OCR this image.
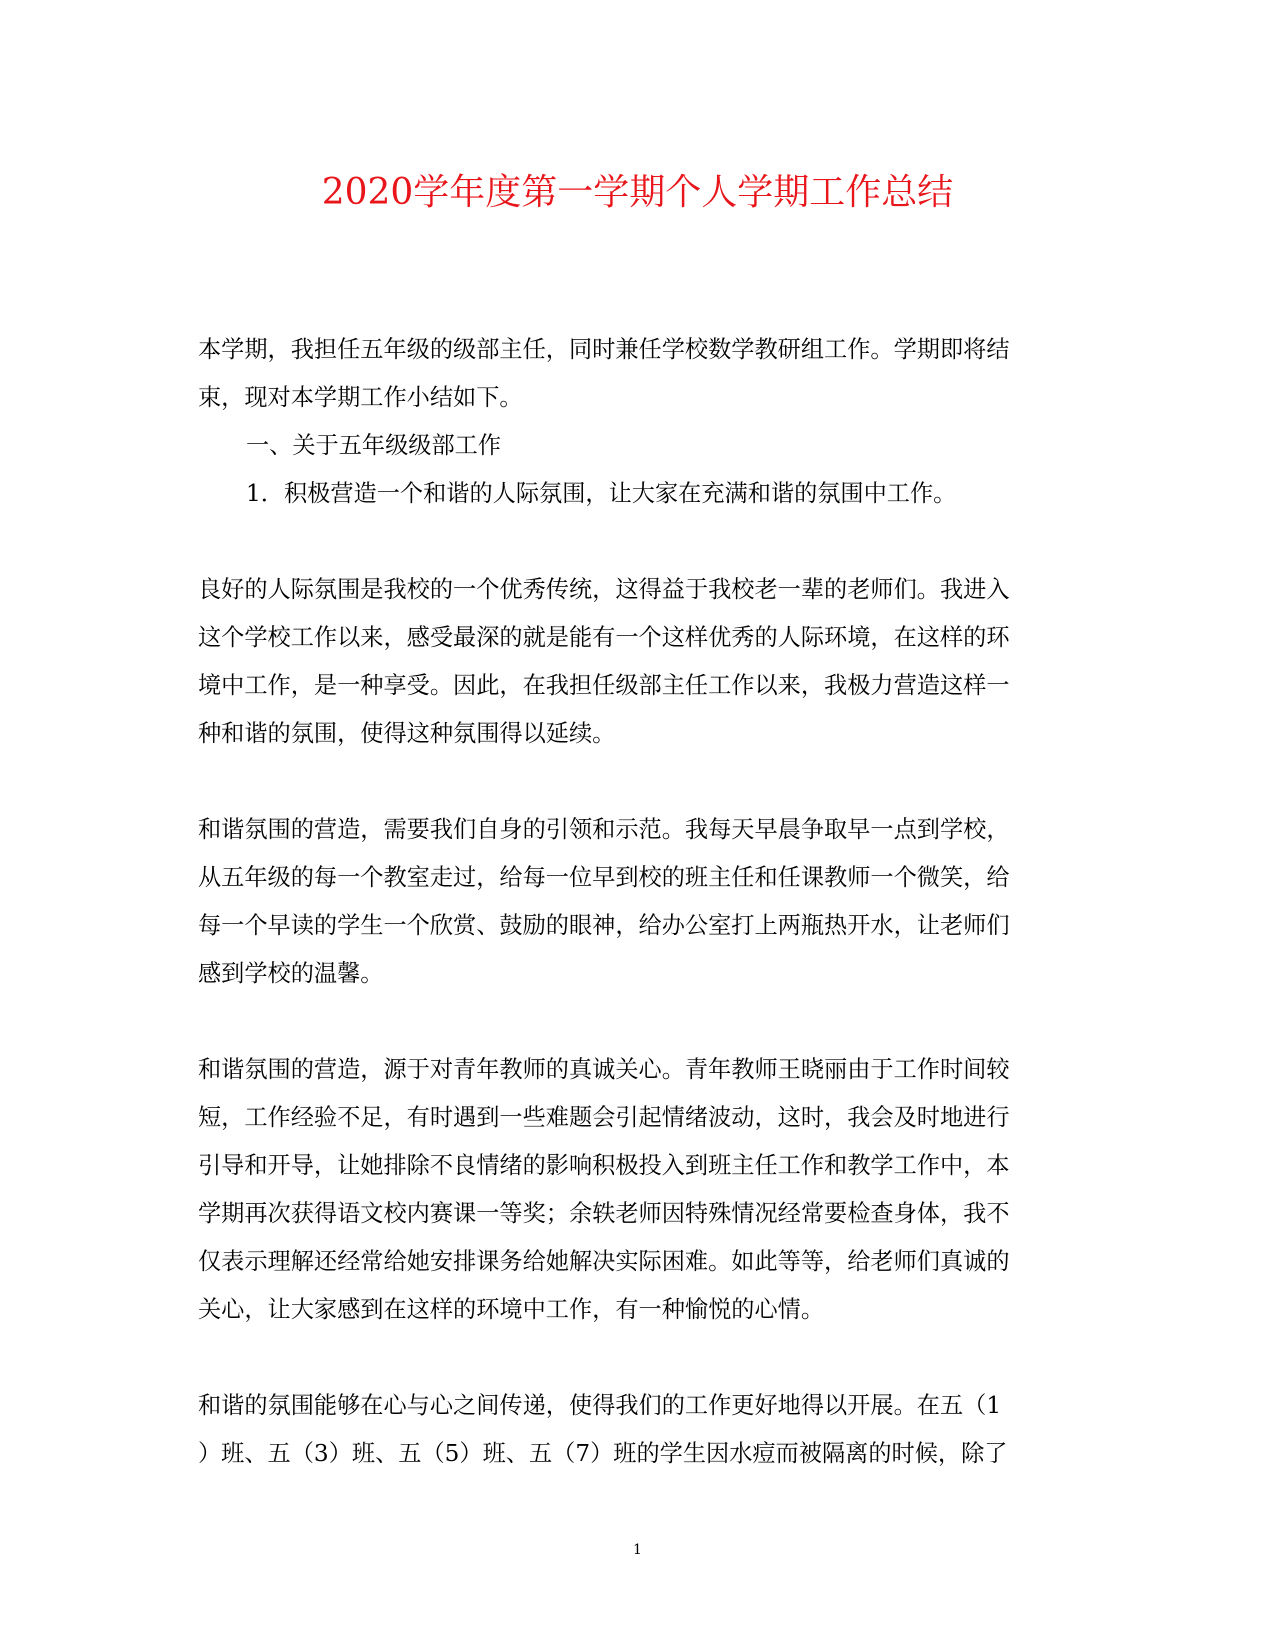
2020学年度第一学期个人学期工作总结
本学期，我担任五年级的级部主任，同时兼任学校数学教研组工作。学期即将结
束，现对本学期工作小结如下。
一、关于五年级级部工作
1．积极营造一个和谐的人际氛围，让大家在充满和谐的氛围中工作。
良好的人际氛围是我校的一个优秀传统，这得益于我校老一辈的老师们。我进入
这个学校工作以来，感受最深的就是能有一个这样优秀的人际环境，在这样的环
境中工作，是一种享受。因此，在我担任级部主任工作以来，我极力营造这样一
种和谐的氛围，使得这种氛围得以延续。
和谐氛围的营造，需要我们自身的引领和示范。我每天早晨争取早一点到学校，
从五年级的每一个教室走过，给每一位早到校的班主任和任课教师一个微笑，给
每一个早读的学生一个欣赏、鼓励的眼神，给办公室打上两瓶热开水，让老师们
感到学校的温馨。
和谐氛围的营造，源于对青年教师的真诚关心。青年教师王晓丽由于工作时间较
短，工作经验不足，有时遇到一些难题会引起情绪波动，这时，我会及时地进行
引导和开导，让她排除不良情绪的影响积极投入到班主任工作和教学工作中，本
学期再次获得语文校内赛课一等奖；余轶老师因特殊情况经常要检查身体，我不
仅表示理解还经常给她安排课务给她解决实际困难。如此等等，给老师们真诚的
关心，让大家感到在这样的环境中工作，有一种愉悦的心情。
和谐的氛围能够在心与心之间传递，使得我们的工作更好地得以开展。在五（1
）班、五（3）班、五（5）班、五（7）班的学生因水痘而被隔离的时候，除了
1
